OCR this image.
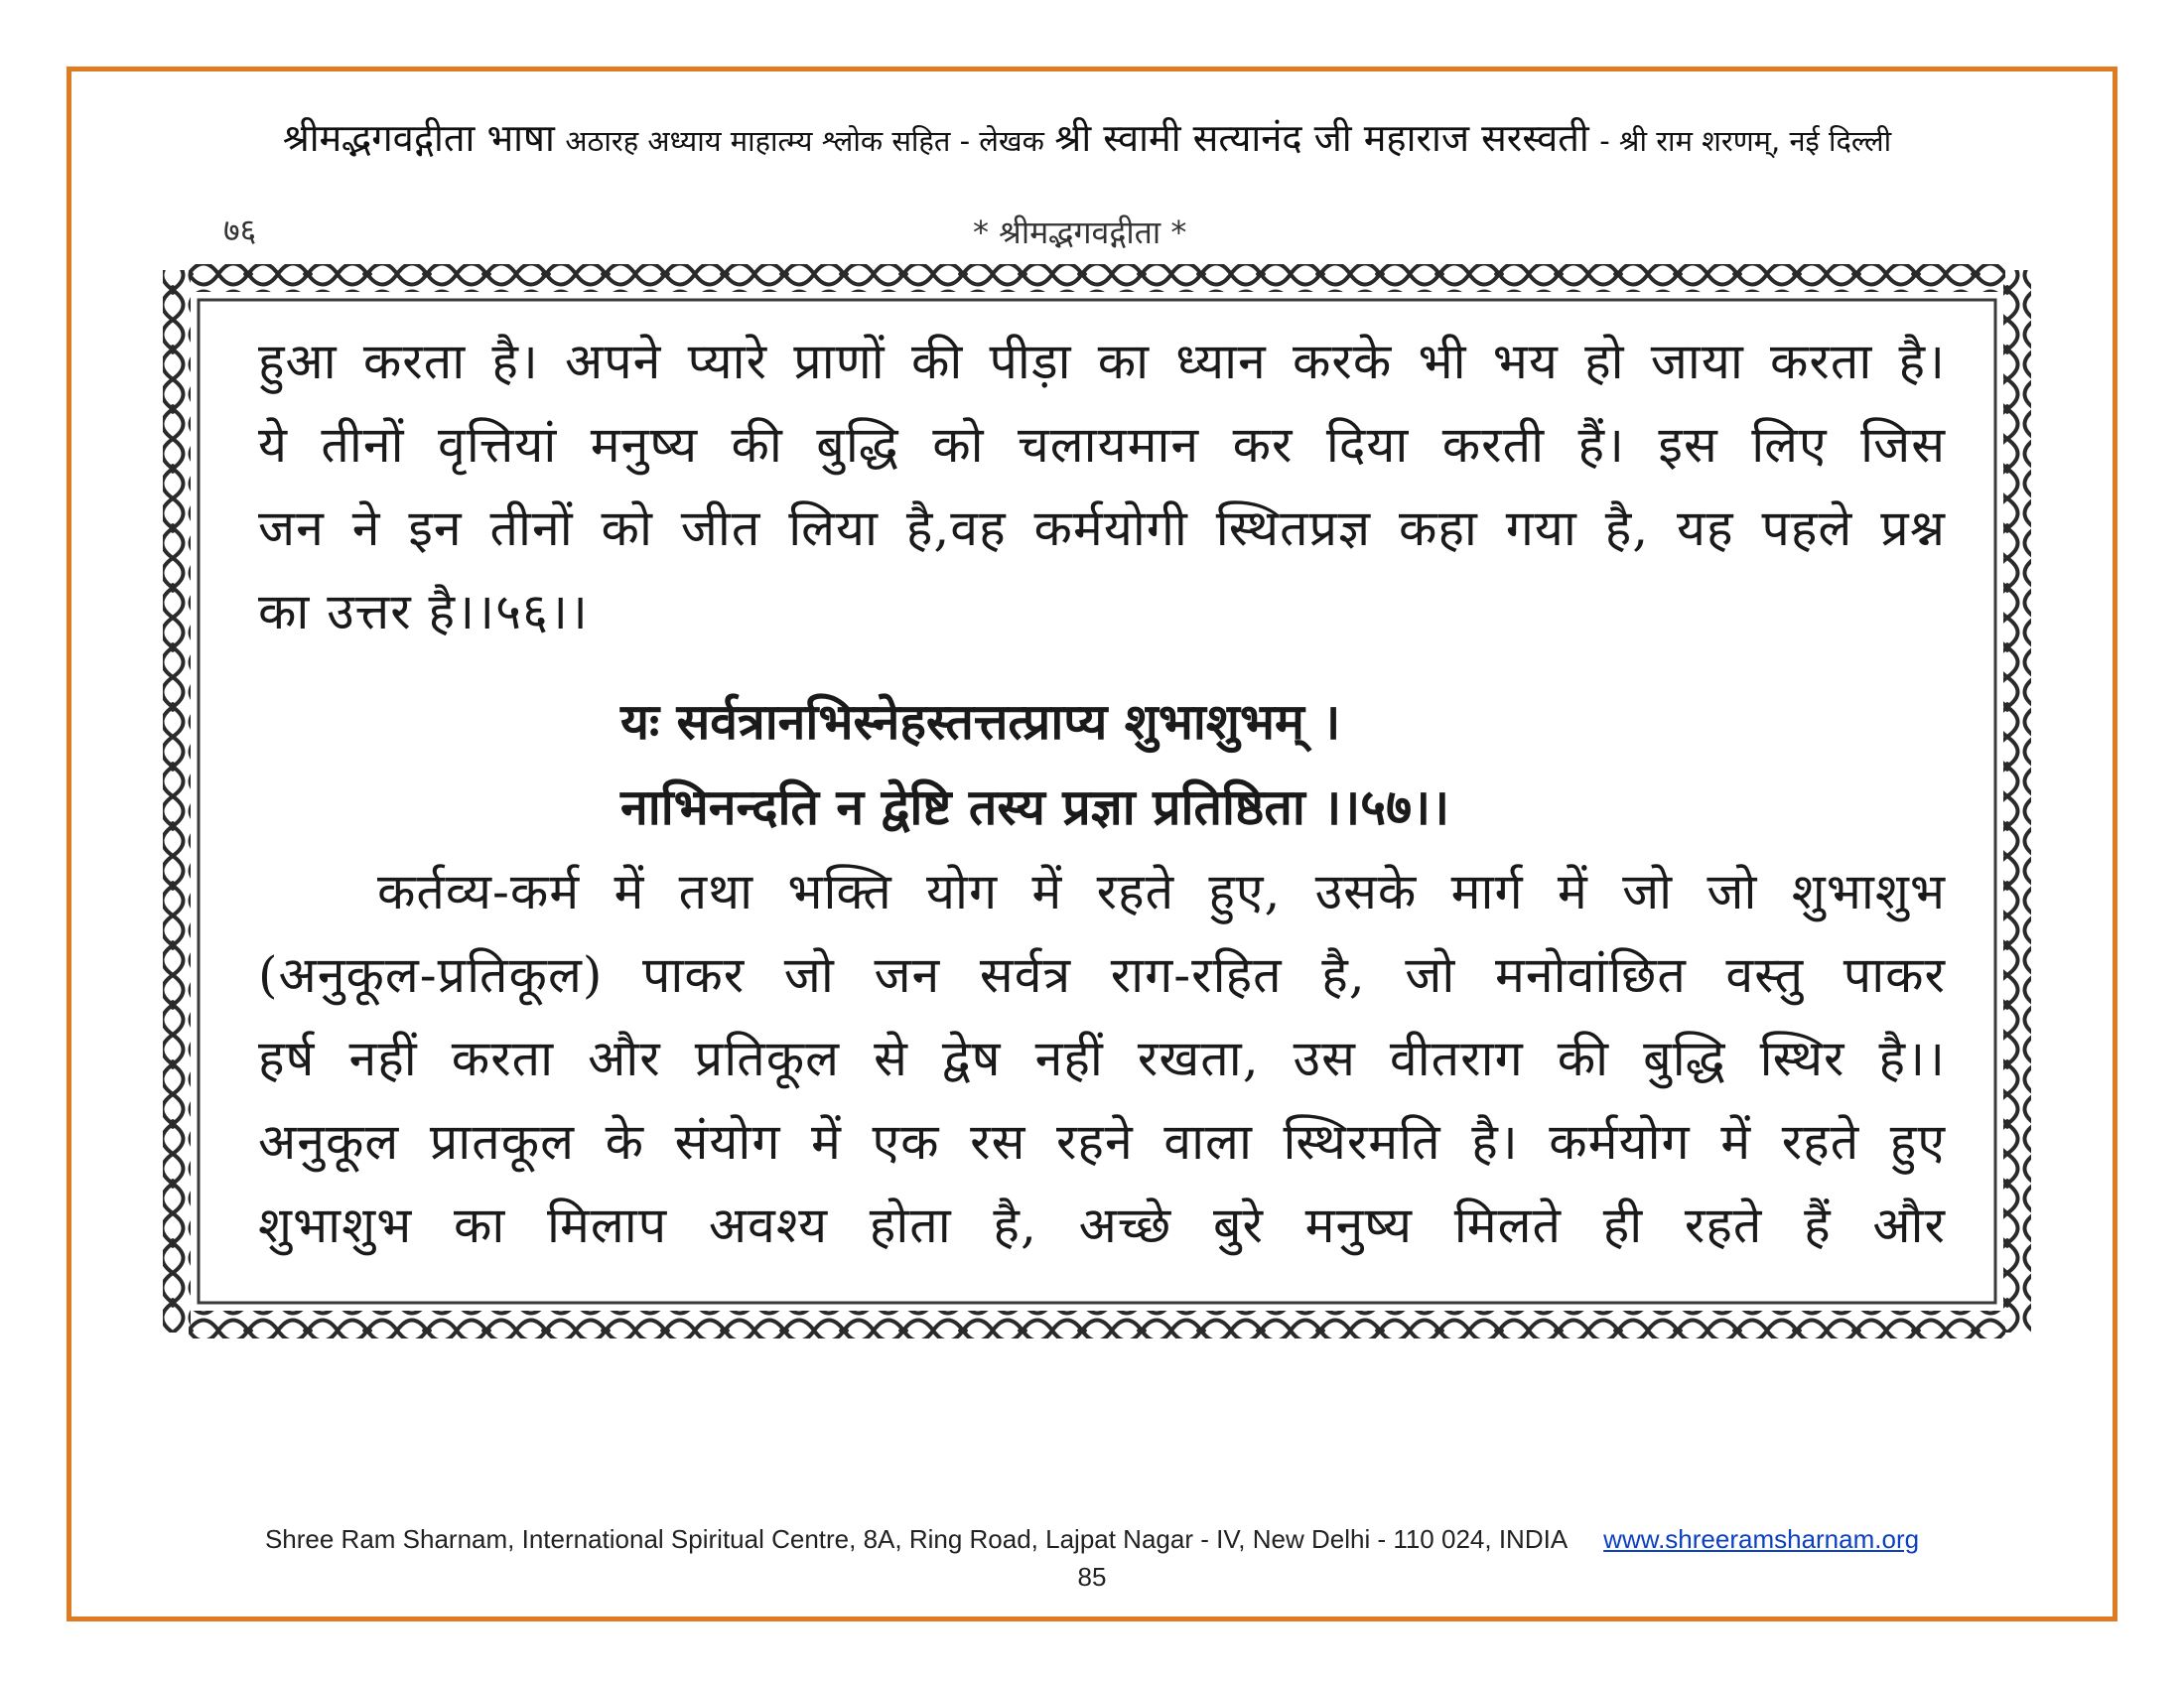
श्रीमद्भगवद्गीता भाषा अठारह अध्याय माहात्म्य श्लोक सहित - लेखक श्री स्वामी सत्यानंद जी महाराज सरस्वती - श्री राम शरणम्, नई दिल्ली
७६	* श्रीमद्भगवद्गीता *
हुआ करता है। अपने प्यारे प्राणों की पीड़ा का ध्यान करके भी भय हो जाया करता है।
ये तीनों वृत्तियां मनुष्य की बुद्धि को चलायमान कर दिया करती हैं। इस लिए जिस
जन ने इन तीनों को जीत लिया है,वह कर्मयोगी स्थितप्रज्ञ कहा गया है, यह पहले प्रश्न
का उत्तर है।।५६।।
यः सर्वत्रानभिस्नेहस्तत्तत्प्राप्य शुभाशुभम् ।
नाभिनन्दति न द्वेष्टि तस्य प्रज्ञा प्रतिष्ठिता ।।५७।।
कर्तव्य-कर्म में तथा भक्ति योग में रहते हुए, उसके मार्ग में जो जो शुभाशुभ
(अनुकूल-प्रतिकूल) पाकर जो जन सर्वत्र राग-रहित है, जो मनोवांछित वस्तु पाकर
हर्ष नहीं करता और प्रतिकूल से द्वेष नहीं रखता, उस वीतराग की बुद्धि स्थिर है।।
अनुकूल प्रातकूल के संयोग में एक रस रहने वाला स्थिरमति है। कर्मयोग में रहते हुए
शुभाशुभ का मिलाप अवश्य होता है, अच्छे बुरे मनुष्य मिलते ही रहते हैं और
Shree Ram Sharnam, International Spiritual Centre, 8A, Ring Road, Lajpat Nagar - IV, New Delhi - 110 024, INDIA www.shreeramsharnam.org
85
